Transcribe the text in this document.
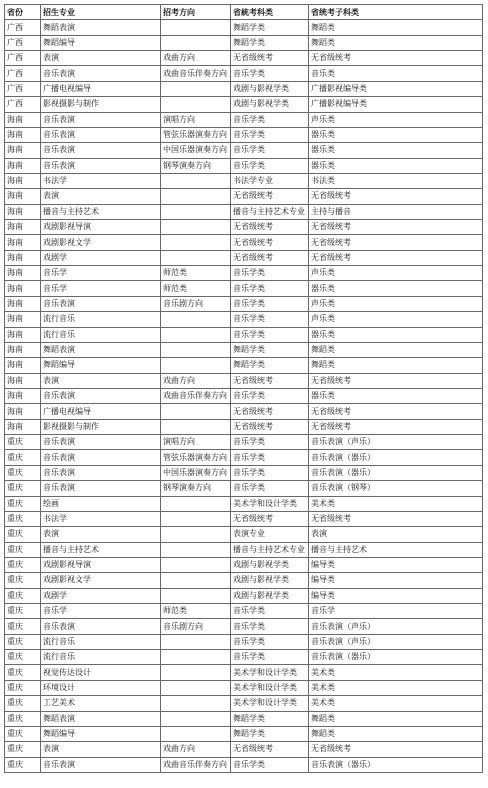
省份	招生专业	招考方向	省統考科类	省统考子科类
广西	舞蹈表演		舞蹈学类	舞蹈类
广西	舞蹈编导		舞蹈学类	舞蹈类
广西	表演	戏曲方向	无省级统考	无省级统考
广西	音乐表演	戏曲音乐伴奏方向	音乐学类	音乐类
广西	广播电视编导		戏剧与影视学类	广播影视编导类
广西	影视摄影与制作		戏剧与影视学类	广播影视编导类
海南	音乐表演	演唱方向	音乐学类	声乐类
海南	音乐表演	管弦乐器演奏方向	音乐学类	器乐类
海南	音乐表演	中国乐器演奏方向	音乐学类	器乐类
海南	音乐表演	钢琴演奏方向	音乐学类	器乐类
海南	书法学		书法学专业	书法类
海南	表演		无省级统考	无省级统考
海南	播音与主持艺术		播音与主持艺术专业	主持与播音
海南	戏剧影视导演		无省级统考	无省级统考
海南	戏剧影视文学		无省级统考	无省级统考
海南	戏剧学		无省级统考	无省级统考
海南	音乐学	师范类	音乐学类	声乐类
海南	音乐学	师范类	音乐学类	器乐类
海南	音乐表演	音乐剧方向	音乐学类	声乐类
海南	流行音乐		音乐学类	声乐类
海南	流行音乐		音乐学类	器乐类
海南	舞蹈表演		舞蹈学类	舞蹈类
海南	舞蹈编导		舞蹈学类	舞蹈类
海南	表演	戏曲方向	无省级统考	无省级统考
海南	音乐表演	戏曲音乐伴奏方向	音乐学类	器乐类
海南	广播电视编导		无省级统考	无省级统考
海南	影视摄影与制作		无省级统考	无省级统考
重庆	音乐表演	演唱方向	音乐学类	音乐表演（声乐）
重庆	音乐表演	管弦乐器演奏方向	音乐学类	音乐表演（器乐）
重庆	音乐表演	中国乐器演奏方向	音乐学类	音乐表演（器乐）
重庆	音乐表演	钢琴演奏方向	音乐学类	音乐表演（钢琴）
重庆	绘画		美术学和设计学类	美术类
重庆	书法学		无省级统考	无省级统考
重庆	表演		表演专业	表演
重庆	播音与主持艺术		播音与主持艺术专业	播音与主持艺术
重庆	戏剧影视导演		戏剧与影视学类	编导类
重庆	戏剧影视文学		戏剧与影视学类	编导类
重庆	戏剧学		戏剧与影视学类	编导类
重庆	音乐学	师范类	音乐学类	音乐学
重庆	音乐表演	音乐剧方向	音乐学类	音乐表演（声乐）
重庆	流行音乐		音乐学类	音乐表演（声乐）
重庆	流行音乐		音乐学类	音乐表演（器乐）
重庆	视觉传达设计		美术学和设计学类	美术类
重庆	环境设计		美术学和设计学类	美术类
重庆	工艺美术		美术学和设计学类	美术类
重庆	舞蹈表演		舞蹈学类	舞蹈类
重庆	舞蹈编导		舞蹈学类	舞蹈类
重庆	表演	戏曲方向	无省级统考	无省级统考
重庆	音乐表演	戏曲音乐伴奏方向	音乐学类	音乐表演（器乐）
